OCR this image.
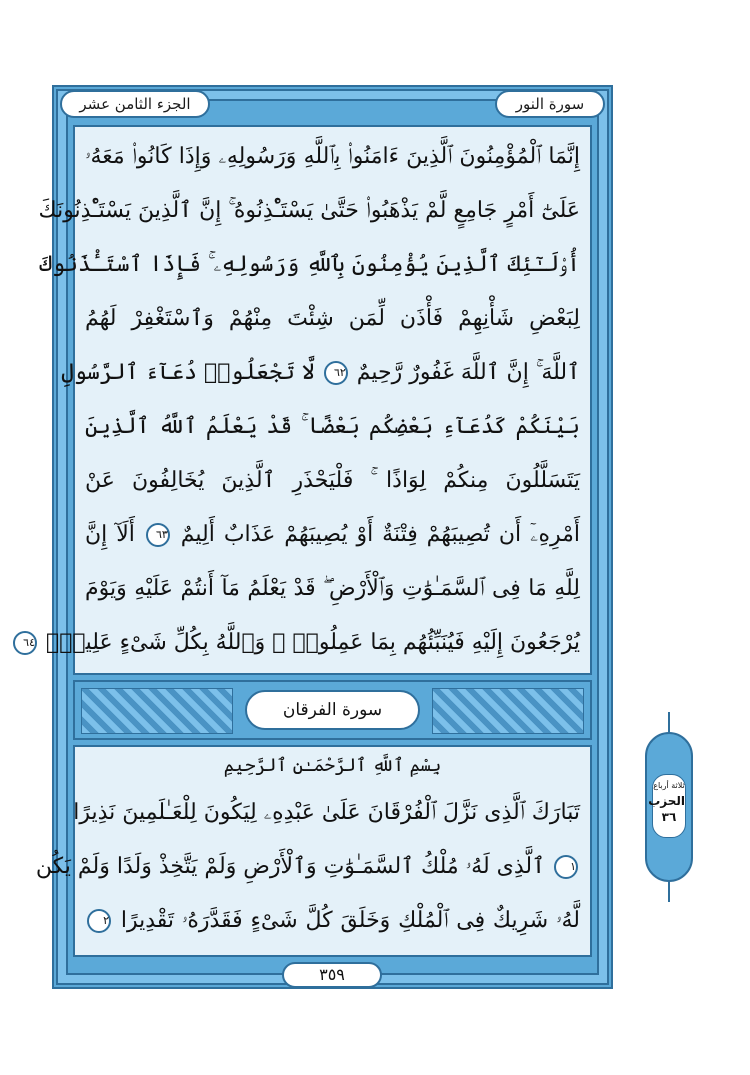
الجزء الثامن عشر	سورة النور
إِنَّمَا ٱلْمُؤْمِنُونَ ٱلَّذِينَ ءَامَنُوا۟ بِٱللَّهِ وَرَسُولِهِۦ وَإِذَا كَانُوا۟ مَعَهُۥ
عَلَىٰٓ أَمْرٍ جَامِعٍ لَّمْ يَذْهَبُوا۟ حَتَّىٰ يَسْتَـْٔذِنُوهُ ۚ إِنَّ ٱلَّذِينَ يَسْتَـْٔذِنُونَكَ
أُو۟لَـٰٓئِكَ ٱلَّذِينَ يُؤْمِنُونَ بِٱللَّهِ وَرَسُولِهِۦ ۚ فَإِذَا ٱسْتَـْٔذَنُوكَ
لِبَعْضِ شَأْنِهِمْ فَأْذَن لِّمَن شِئْتَ مِنْهُمْ وَٱسْتَغْفِرْ لَهُمُ
ٱللَّهَ ۚ إِنَّ ٱللَّهَ غَفُورٌ رَّحِيمٌ ٦٢ لَّا تَجْعَلُوا۟ دُعَآءَ ٱلرَّسُولِ
بَيْنَكُمْ كَدُعَآءِ بَعْضِكُم بَعْضًا ۚ قَدْ يَعْلَمُ ٱللَّهُ ٱلَّذِينَ
يَتَسَلَّلُونَ مِنكُمْ لِوَاذًا ۚ فَلْيَحْذَرِ ٱلَّذِينَ يُخَالِفُونَ عَنْ
أَمْرِهِۦٓ أَن تُصِيبَهُمْ فِتْنَةٌ أَوْ يُصِيبَهُمْ عَذَابٌ أَلِيمٌ ٦٣ أَلَآ إِنَّ
لِلَّهِ مَا فِى ٱلسَّمَـٰوَٰتِ وَٱلْأَرْضِ ۖ قَدْ يَعْلَمُ مَآ أَنتُمْ عَلَيْهِ وَيَوْمَ
يُرْجَعُونَ إِلَيْهِ فَيُنَبِّئُهُم بِمَا عَمِلُوا۟ ۗ وَٱللَّهُ بِكُلِّ شَىْءٍ عَلِيمٌۢ ٦٤
سورة الفرقان
بِسْمِ ٱللَّهِ ٱلرَّحْمَـٰنِ ٱلرَّحِيمِ
تَبَارَكَ ٱلَّذِى نَزَّلَ ٱلْفُرْقَانَ عَلَىٰ عَبْدِهِۦ لِيَكُونَ لِلْعَـٰلَمِينَ نَذِيرًا
١ ٱلَّذِى لَهُۥ مُلْكُ ٱلسَّمَـٰوَٰتِ وَٱلْأَرْضِ وَلَمْ يَتَّخِذْ وَلَدًا وَلَمْ يَكُن
لَّهُۥ شَرِيكٌ فِى ٱلْمُلْكِ وَخَلَقَ كُلَّ شَىْءٍ فَقَدَّرَهُۥ تَقْدِيرًا ٢
٣٥٩
ثلاثة أرباع
الحزب
٣٦
